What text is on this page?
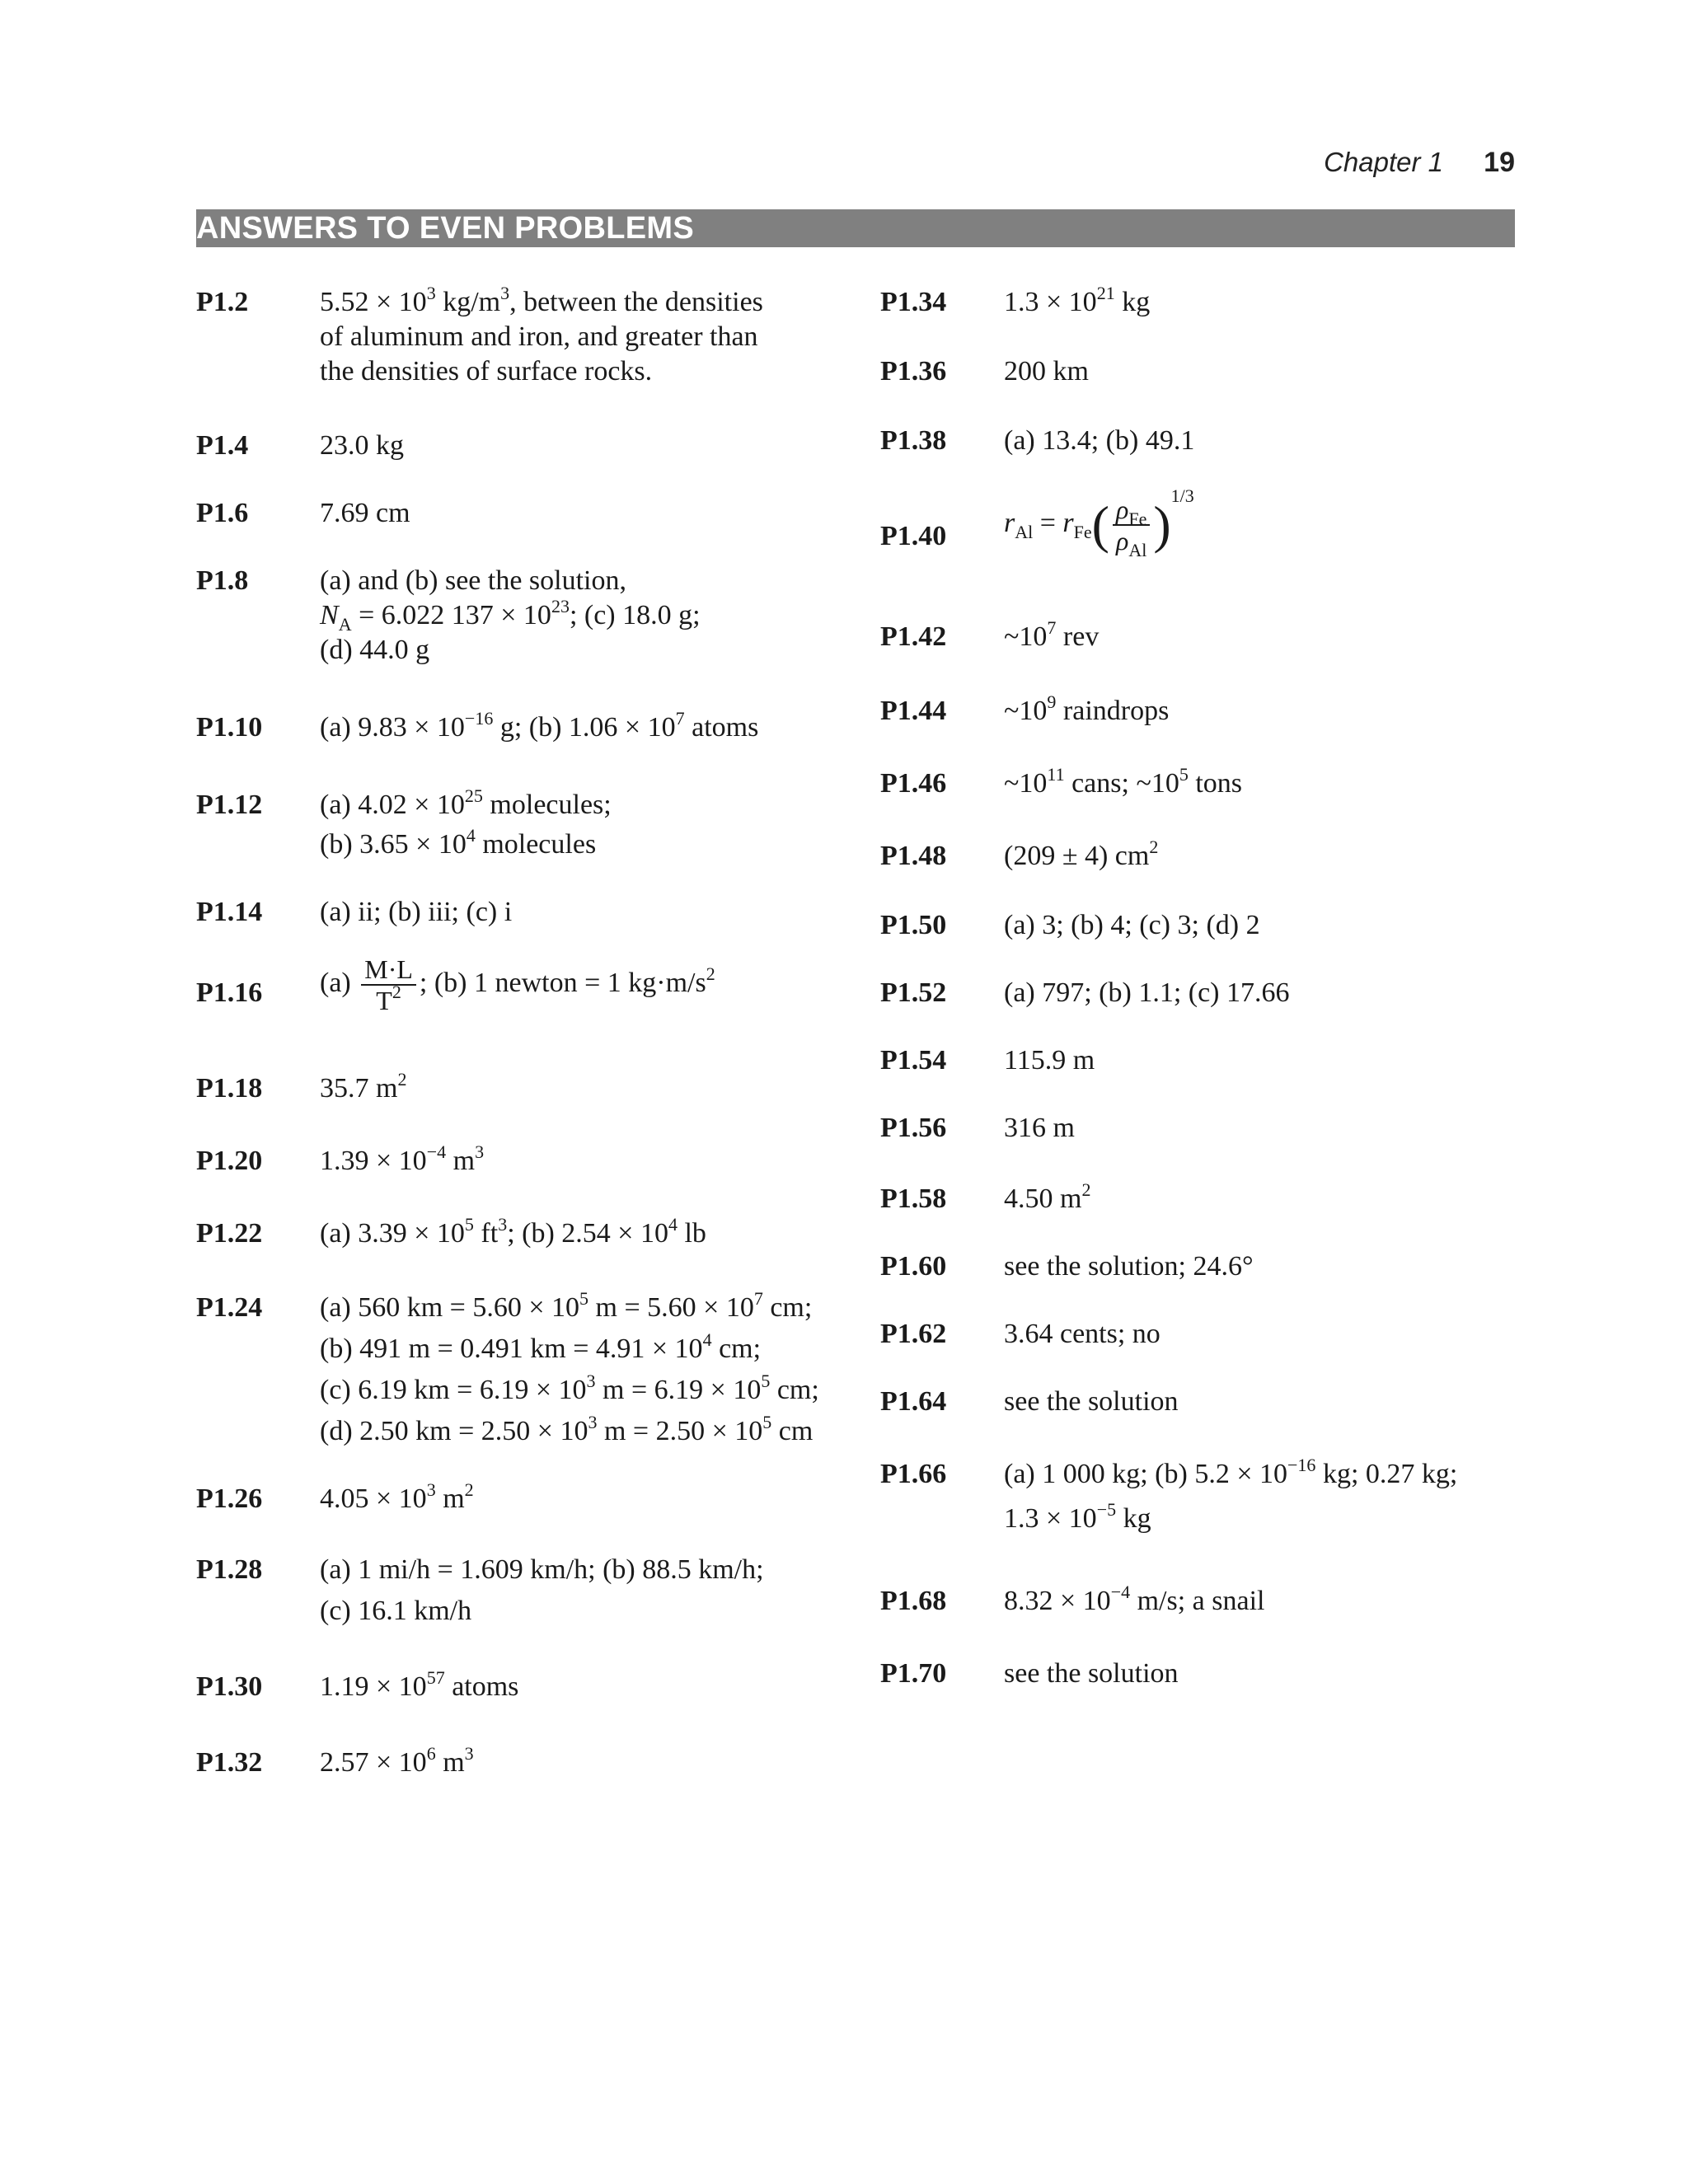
Chapter 1 19
ANSWERS TO EVEN PROBLEMS
P1.2	$5.52 \times 10^3$ $kg/m^3$, between the densities
of aluminum and iron, and greater than
the densities of surface rocks.
P1.4	23.0 kg
P1.6	7.69 cm
P1.8	(a) and (b) see the solution,
$N_A = 6.022$ $137 \times 10^{23}$; (c) 18.0 g;
(d) 44.0 g
P1.10 (a) $9.83 \times 10^{-16}$ g; (b) $1.06 \times 10^7$ atoms
P1.12 (a) $4.02 \times 10^{25}$ molecules;
(b) $3.65 \times 10^4$ molecules
P1.14 (a) ii; (b) iii; (c) i
P1.16 $(a) \frac{M\cdot L}{T^2}$ ; (b) 1 newton = 1 $kg\cdot m/s^2$
P1.18 35.7 $m^2$
P1.20 $1.39 \times 10^{-4}$ $m^3$
P1.22 (a) $3.39 \times 10^5$ $ft^3$; (b) $2.54 \times 10^4$ lb
P1.24 (a) 560 km = $5.60 \times 10^5$ $m = 5.60 \times 10^7$ cm;
(b) 491 m = 0.491 km = $4.91 \times 10^4$ cm;
(c) 6.19 km = $6.19 \times 10^3$ $m = 6.19 \times 10^5$ cm;
(d) 2.50 km = $2.50 \times 10^3$ $m = 2.50 \times 10^5$ cm
P1.26 $4.05 \times 10^3$ $m^2$
P1.28 (a) 1 mi/h = 1.609 km/h; (b) 88.5 km/h;
(c) 16.1 km/h
P1.30 $1.19 \times 10^{57}$ atoms
P1.32 $2.57 \times 10^6$ $m^3$
P1.34 $1.3 \times 10^{21}$ kg
P1.36 200 km
P1.38 (a) 13.4; (b) 49.1
P1.40 $r_{Al} = r_{Fe}( \frac{\rho_{Fe}}{\rho_{Al}} )^{1/3}$
P1.42 $\sim 10^7$ rev
P1.44 $\sim 10^9$ raindrops
P1.46 $\sim 10^{11}$ cans; $\sim 10^5$ tons
P1.48 (209 ± 4) $cm^2$
P1.50 (a) 3; (b) 4; (c) 3; (d) 2
P1.52 (a) 797; (b) 1.1; (c) 17.66
P1.54 115.9 m
P1.56 316 m
P1.58 4.50 $m^2$
P1.60 see the solution; 24.6°
P1.62 3.64 cents; no
P1.64 see the solution
P1.66 (a) 1 000 kg; (b) $5.2 \times 10^{-16}$ kg; 0.27 kg;
$1.3 \times 10^{-5}$ kg
P1.68 $8.32 \times 10^{-4}$ m/s; a snail
P1.70 see the solution
